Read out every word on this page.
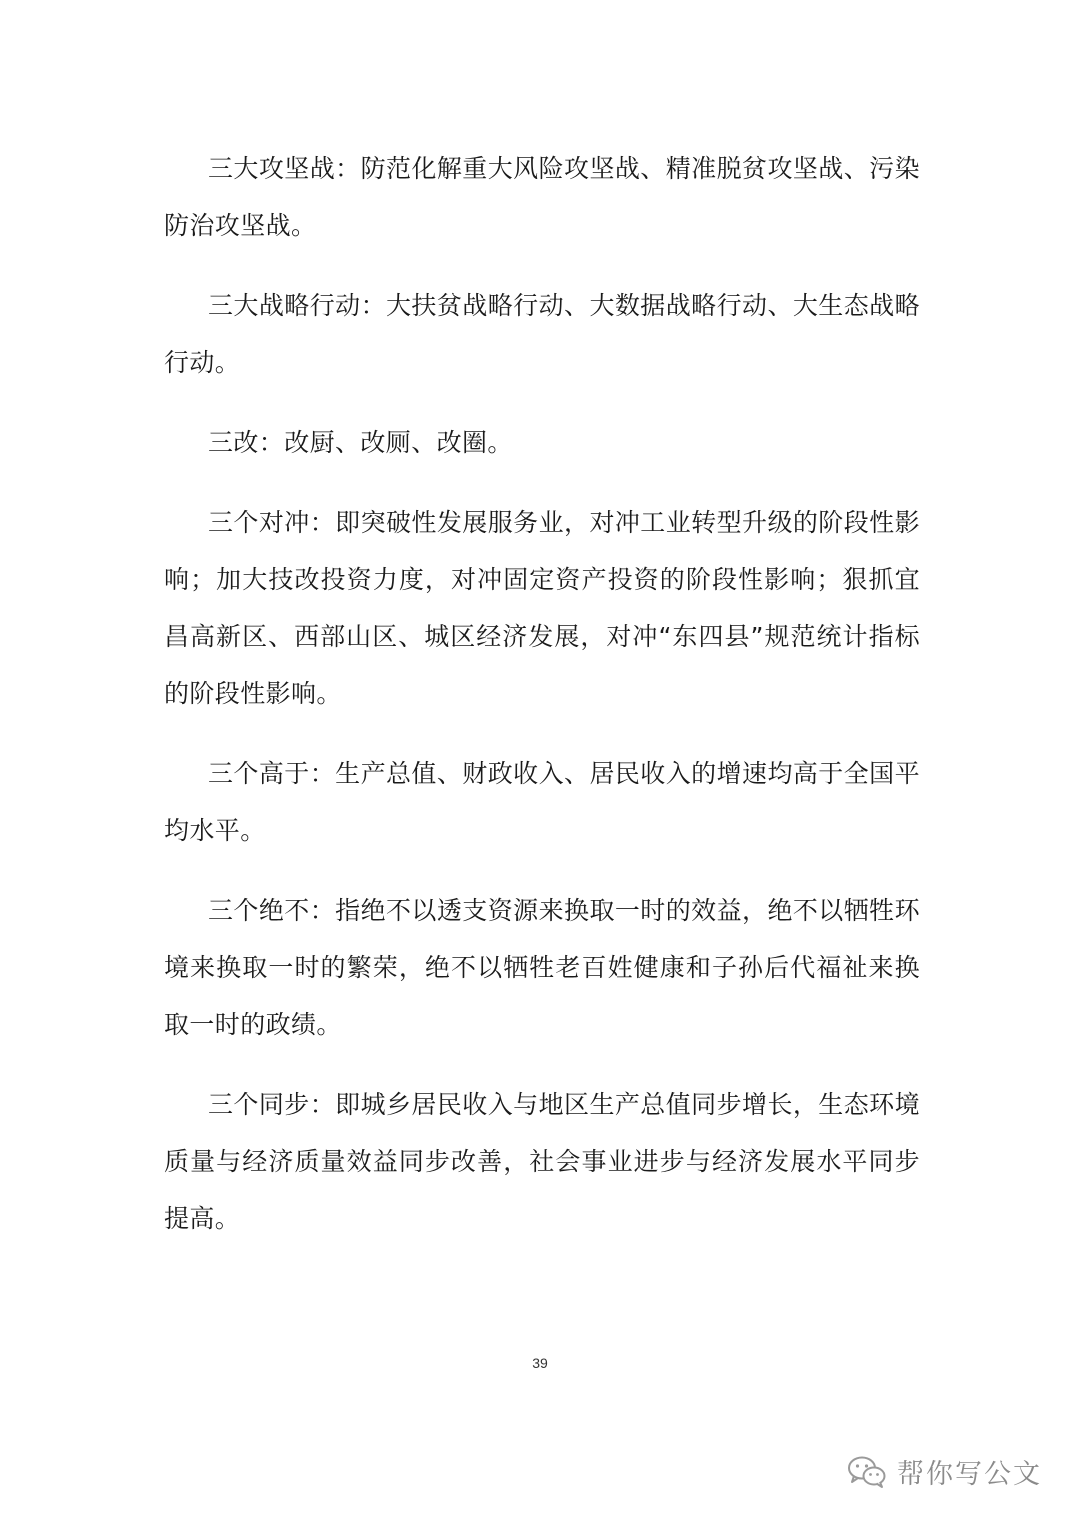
三大攻坚战：防范化解重大风险攻坚战、精准脱贫攻坚战、污染防治攻坚战。

三大战略行动：大扶贫战略行动、大数据战略行动、大生态战略行动。

三改：改厨、改厕、改圈。

三个对冲：即突破性发展服务业，对冲工业转型升级的阶段性影响；加大技改投资力度，对冲固定资产投资的阶段性影响；狠抓宜昌高新区、西部山区、城区经济发展，对冲“东四县”规范统计指标的阶段性影响。

三个高于：生产总值、财政收入、居民收入的增速均高于全国平均水平。

三个绝不：指绝不以透支资源来换取一时的效益，绝不以牺牲环境来换取一时的繁荣，绝不以牺牲老百姓健康和子孙后代福祉来换取一时的政绩。

三个同步：即城乡居民收入与地区生产总值同步增长，生态环境质量与经济质量效益同步改善，社会事业进步与经济发展水平同步提高。

39
帮你写公文
